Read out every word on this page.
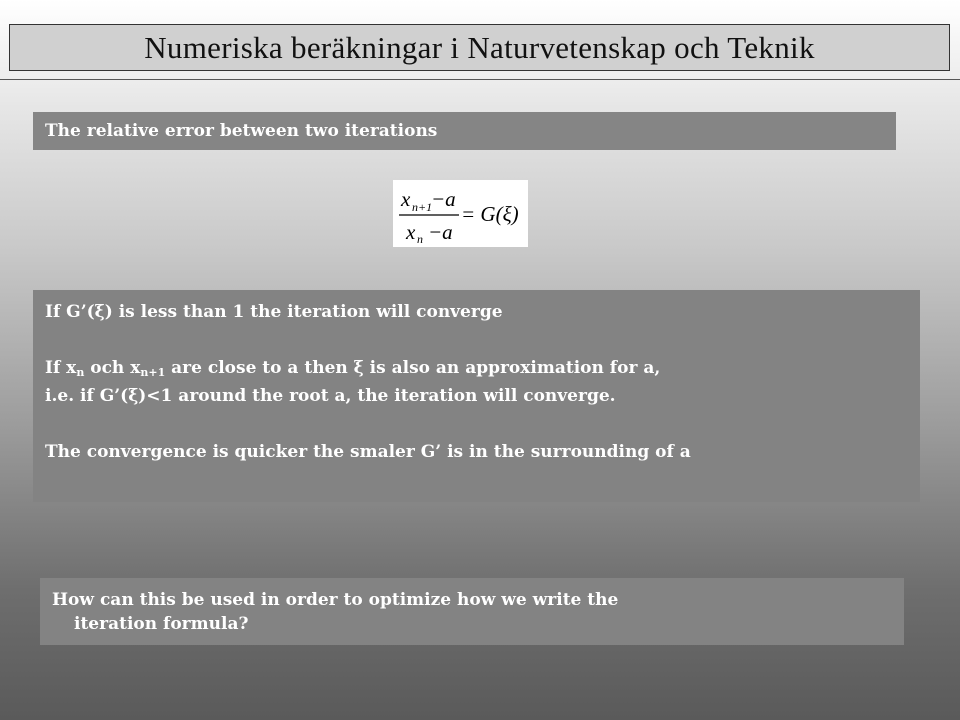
Numeriska beräkningar i Naturvetenskap och Teknik
The relative error between two iterations
x n+1
−a
x n −a
= G(ξ)

If G’(ξ) is less than 1 the iteration will converge

If $x_n$ och $x_{n+1}$ are close to a then ξ is also an approximation for a,

i.e. if G’(ξ)<1 around the root a, the iteration will converge.

The convergence is quicker the smaler G’ is in the surrounding of a

How can this be used in order to optimize how we write the
iteration formula?
